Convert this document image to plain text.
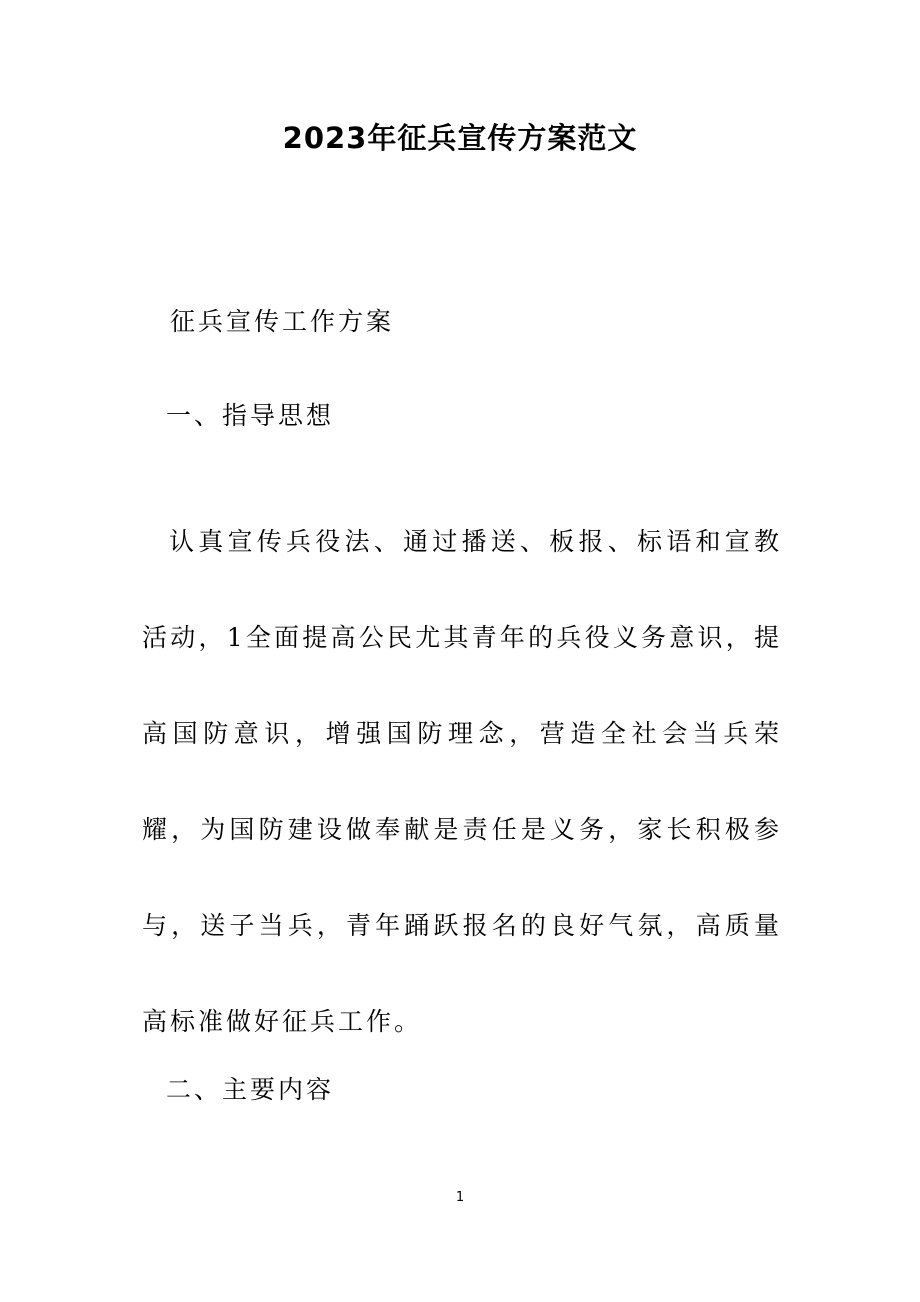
2023年征兵宣传方案范文

征兵宣传工作方案

一、指导思想

认真宣传兵役法、通过播送、板报、标语和宣教活动，1全面提高公民尤其青年的兵役义务意识，提高国防意识，增强国防理念，营造全社会当兵荣耀，为国防建设做奉献是责任是义务，家长积极参与，送子当兵，青年踊跃报名的良好气氛，高质量高标准做好征兵工作。

二、主要内容

1
